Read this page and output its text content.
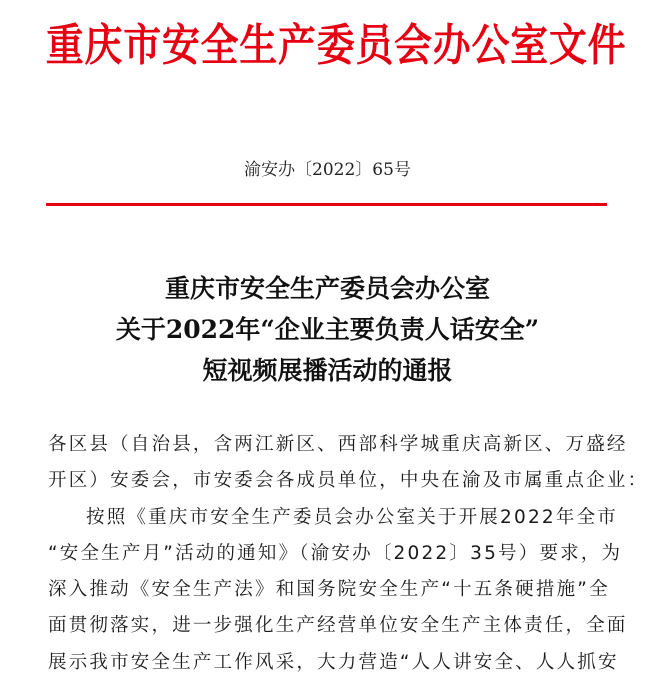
重庆市安全生产委员会办公室文件
渝安办〔2022〕65号
重庆市安全生产委员会办公室
关于2022年“企业主要负责人话安全”
短视频展播活动的通报
各区县（自治县，含两江新区、西部科学城重庆高新区、万盛经
开区）安委会，市安委会各成员单位，中央在渝及市属重点企业：
按照《重庆市安全生产委员会办公室关于开展2022年全市
“安全生产月”活动的通知》（渝安办〔2022〕35号）要求，为
深入推动《安全生产法》和国务院安全生产“十五条硬措施”全
面贯彻落实，进一步强化生产经营单位安全生产主体责任，全面
展示我市安全生产工作风采，大力营造“人人讲安全、人人抓安
